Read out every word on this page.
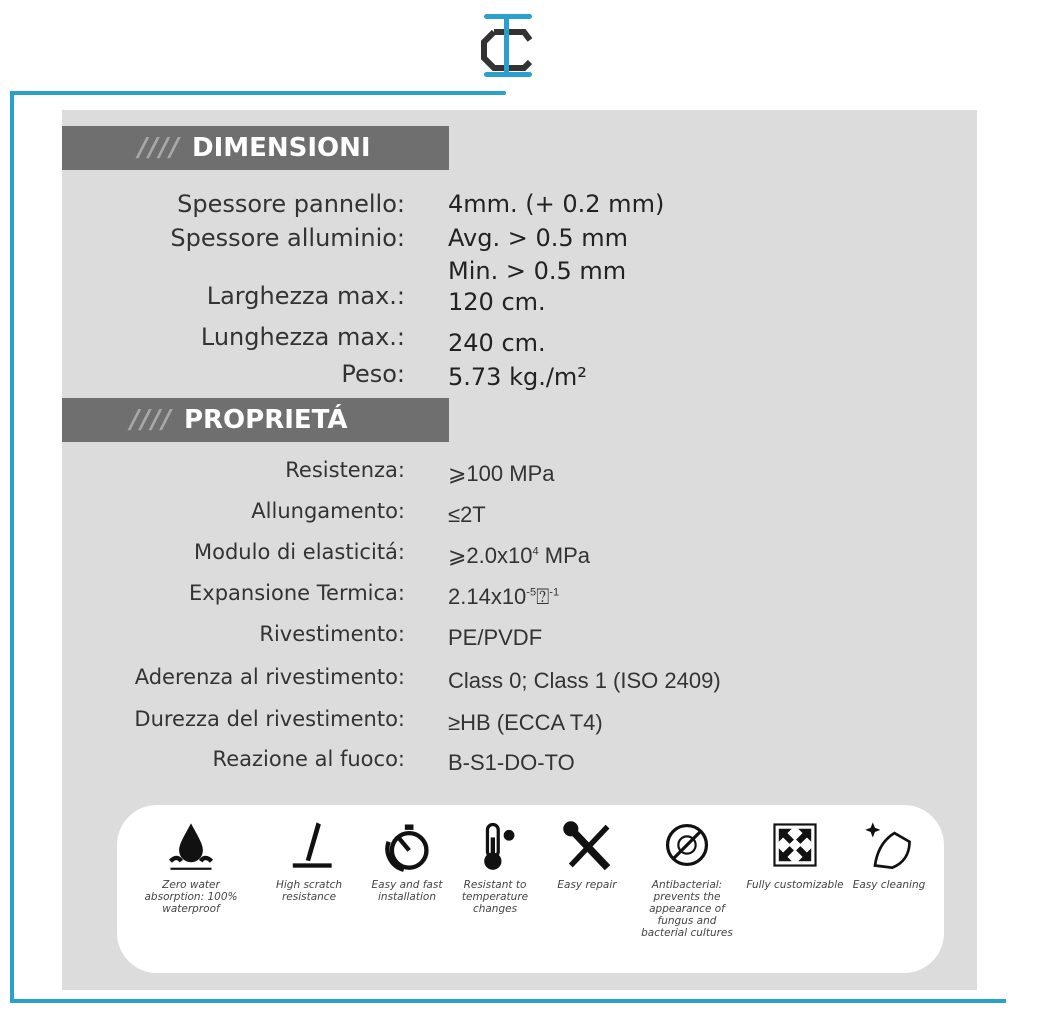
//// DIMENSIONI
Spessore pannello: 4mm. (+ 0.2 mm)
Spessore alluminio: Avg. > 0.5 mm
Min. > 0.5 mm
Larghezza max.: 120 cm.
Lunghezza max.: 240 cm.
Peso: 5.73 kg./m²
//// PROPRIETÁ
Resistenza: ⩾100 MPa
Allungamento: ≤2T
Modulo di elasticitá: $⩾2.0x10^4$ MPa
Expansione Termica: $2.14x10^{-5}⍰^{-1}$
Rivestimento: PE/PVDF
Aderenza al rivestimento: Class 0; Class 1 (ISO 2409)
Durezza del rivestimento: ≥HB (ECCA T4)
Reazione al fuoco: B-S1-DO-TO
Zero water absorption: 100% waterproof
High scratch resistance
Easy and fast installation
Resistant to temperature changes
Easy repair	Antibacterial: prevents the appearance of fungus and bacterial cultures
Fully customizable Easy cleaning
